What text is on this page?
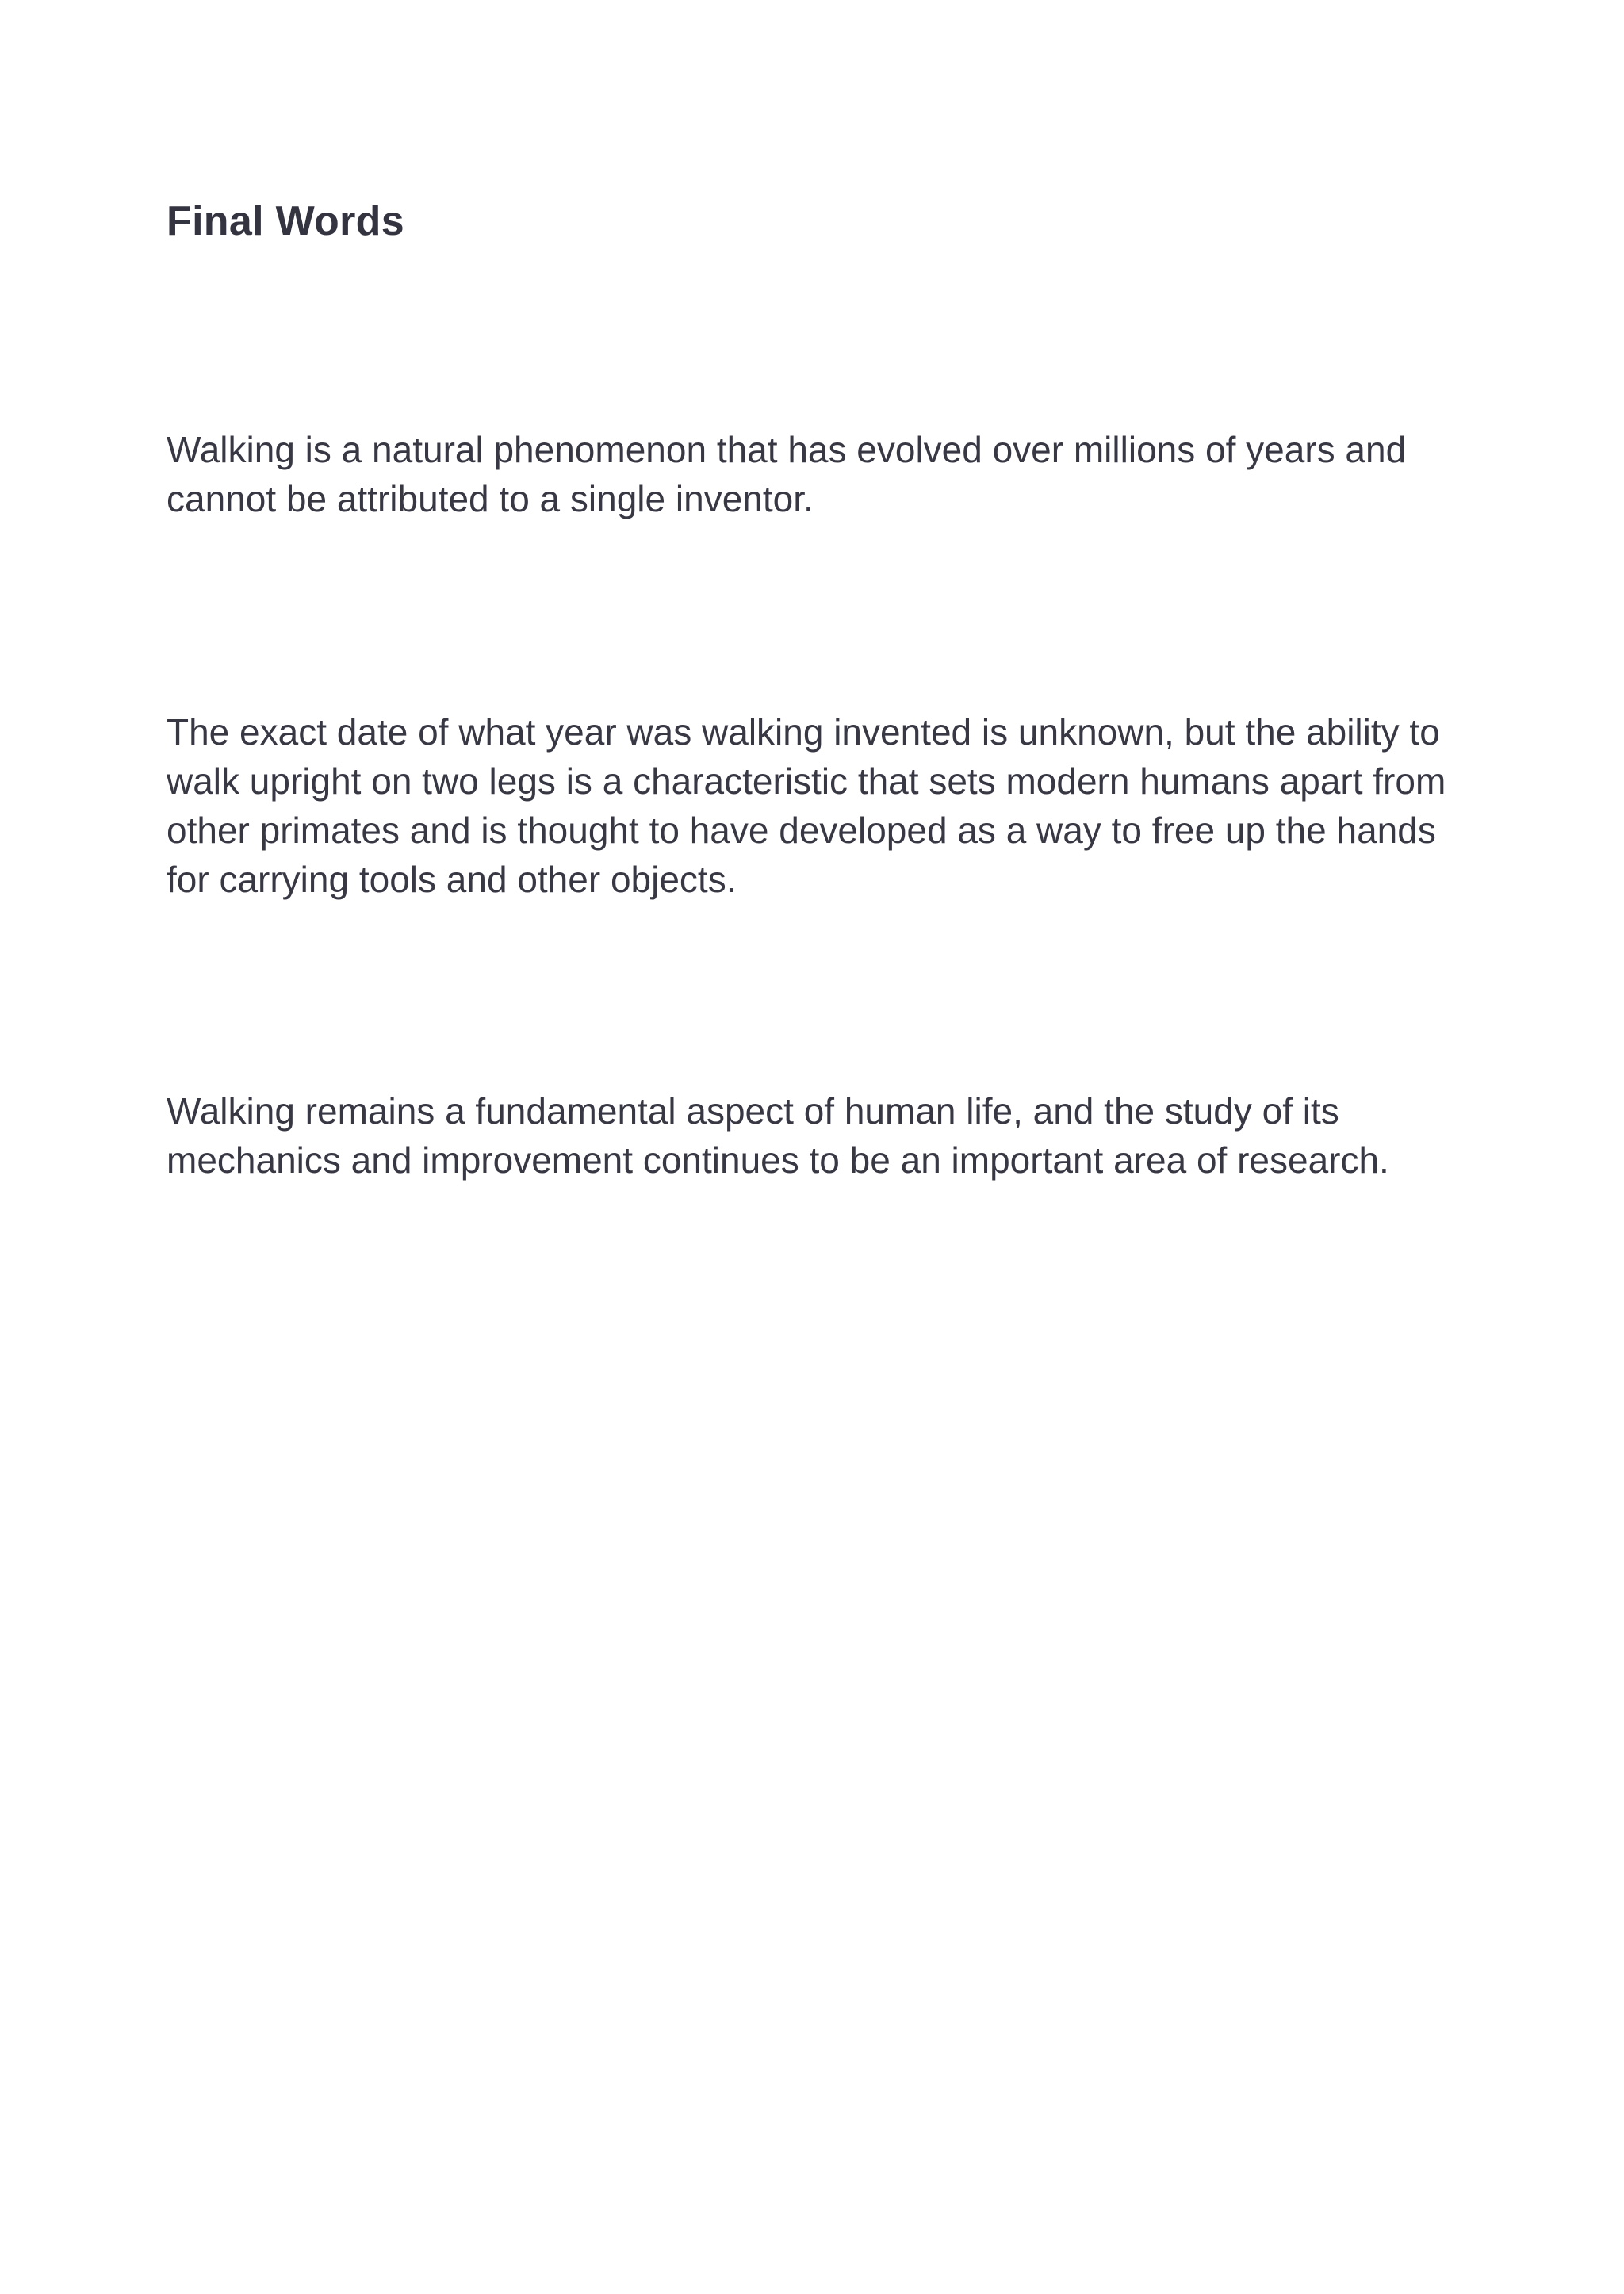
Final Words

Walking is a natural phenomenon that has evolved over millions of years and
cannot be attributed to a single inventor.

The exact date of what year was walking invented is unknown, but the ability to
walk upright on two legs is a characteristic that sets modern humans apart from
other primates and is thought to have developed as a way to free up the hands
for carrying tools and other objects.

Walking remains a fundamental aspect of human life, and the study of its
mechanics and improvement continues to be an important area of research.
